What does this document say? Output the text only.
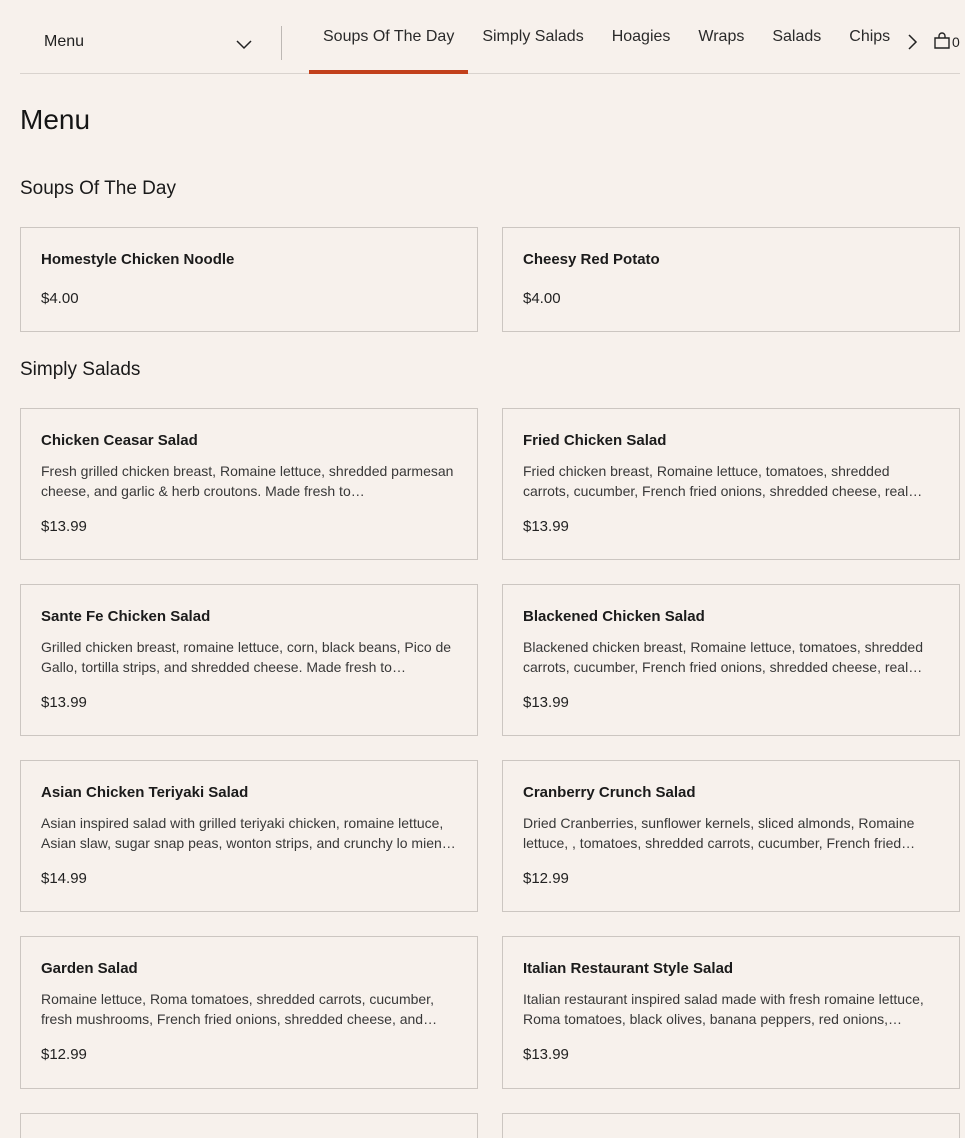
Menu	Soups Of The Day	Simply Salads	Hoagies	Wraps	Salads	Chips	0
Menu
Soups Of The Day
Homestyle Chicken Noodle
$4.00
Cheesy Red Potato
$4.00
Simply Salads
Chicken Ceasar Salad
Fresh grilled chicken breast, Romaine lettuce, shredded parmesan cheese, and garlic & herb croutons. Made fresh to…
$13.99
Fried Chicken Salad
Fried chicken breast, Romaine lettuce, tomatoes, shredded carrots, cucumber, French fried onions, shredded cheese, real…
$13.99
Sante Fe Chicken Salad
Grilled chicken breast, romaine lettuce, corn, black beans, Pico de Gallo, tortilla strips, and shredded cheese. Made fresh to…
$13.99
Blackened Chicken Salad
Blackened chicken breast, Romaine lettuce, tomatoes, shredded carrots, cucumber, French fried onions, shredded cheese, real…
$13.99
Asian Chicken Teriyaki Salad
Asian inspired salad with grilled teriyaki chicken, romaine lettuce, Asian slaw, sugar snap peas, wonton strips, and crunchy lo mien…
$14.99
Cranberry Crunch Salad
Dried Cranberries, sunflower kernels, sliced almonds, Romaine lettuce, , tomatoes, shredded carrots, cucumber, French fried…
$12.99
Garden Salad
Romaine lettuce, Roma tomatoes, shredded carrots, cucumber, fresh mushrooms, French fried onions, shredded cheese, and…
$12.99
Italian Restaurant Style Salad
Italian restaurant inspired salad made with fresh romaine lettuce, Roma tomatoes, black olives, banana peppers, red onions,…
$13.99
